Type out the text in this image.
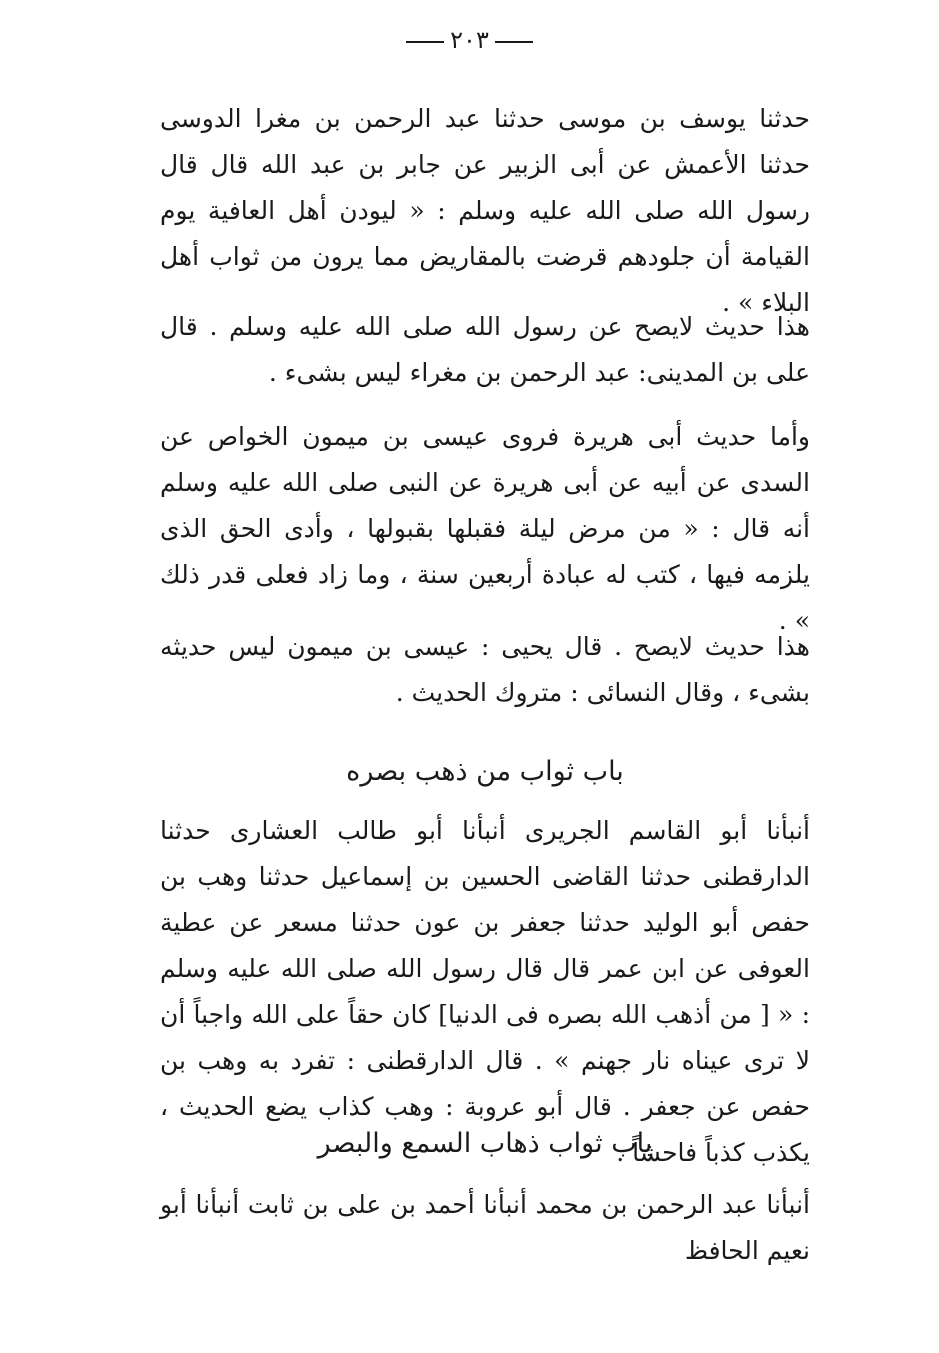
٢٠٣

حدثنا يوسف بن موسى حدثنا عبد الرحمن بن مغرا الدوسى حدثنا الأعمش عن أبى الزبير عن جابر بن عبد الله قال قال رسول الله صلى الله عليه وسلم : « ليودن أهل العافية يوم القيامة أن جلودهم قرضت بالمقاريض مما يرون من ثواب أهل البلاء » .

هذا حديث لايصح عن رسول الله صلى الله عليه وسلم . قال على بن المدينى: عبد الرحمن بن مغراء ليس بشىء .

وأما حديث أبى هريرة فروى عيسى بن ميمون الخواص عن السدى عن أبيه عن أبى هريرة عن النبى صلى الله عليه وسلم أنه قال : « من مرض ليلة فقبلها بقبولها ، وأدى الحق الذى يلزمه فيها ، كتب له عبادة أربعين سنة ، وما زاد فعلى قدر ذلك » .

هذا حديث لايصح . قال يحيى : عيسى بن ميمون ليس حديثه بشىء ، وقال النسائى : متروك الحديث .

باب ثواب من ذهب بصره

أنبأنا أبو القاسم الجريرى أنبأنا أبو طالب العشارى حدثنا الدارقطنى حدثنا القاضى الحسين بن إسماعيل حدثنا وهب بن حفص أبو الوليد حدثنا جعفر بن عون حدثنا مسعر عن عطية العوفى عن ابن عمر قال قال رسول الله صلى الله عليه وسلم : « [ من أذهب الله بصره فى الدنيا] كان حقاً على الله واجباً أن لا ترى عيناه نار جهنم » . قال الدارقطنى : تفرد به وهب بن حفص عن جعفر . قال أبو عروبة : وهب كذاب يضع الحديث ، يكذب كذباً فاحشاً .

باب ثواب ذهاب السمع والبصر

أنبأنا عبد الرحمن بن محمد أنبأنا أحمد بن على بن ثابت أنبأنا أبو نعيم الحافظ
